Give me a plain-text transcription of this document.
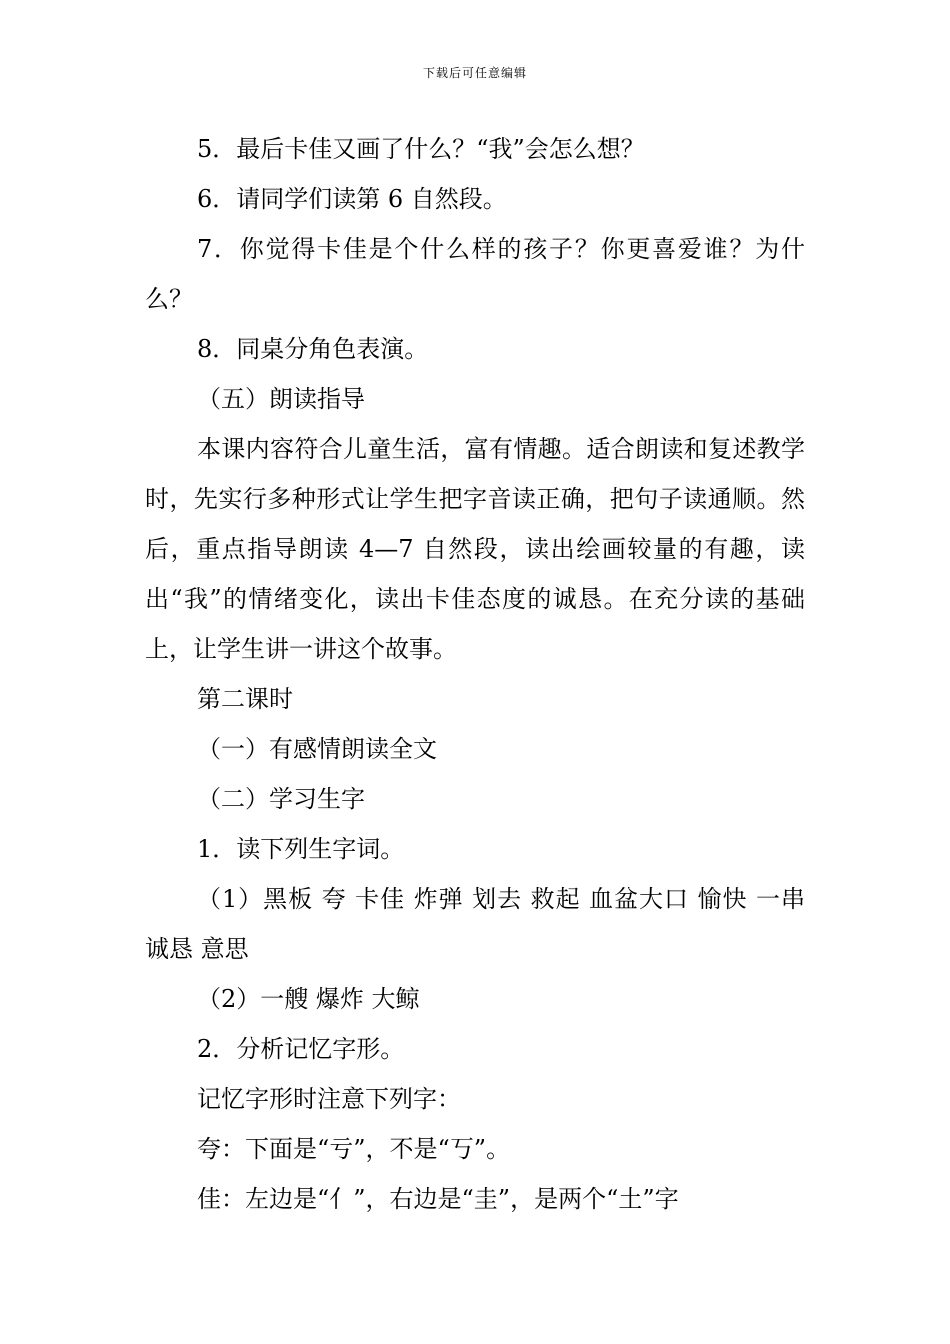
下载后可任意编辑

5．最后卡佳又画了什么？“我”会怎么想？

6．请同学们读第 6 自然段。

7．你觉得卡佳是个什么样的孩子？你更喜爱谁？为什么？

8．同桌分角色表演。

（五）朗读指导

本课内容符合儿童生活，富有情趣。适合朗读和复述教学时，先实行多种形式让学生把字音读正确，把句子读通顺。然后，重点指导朗读 4—7 自然段，读出绘画较量的有趣，读出“我”的情绪变化，读出卡佳态度的诚恳。在充分读的基础上，让学生讲一讲这个故事。

第二课时

（一）有感情朗读全文

（二）学习生字

1．读下列生字词。

（1）黑板 夸 卡佳 炸弹 划去 救起 血盆大口 愉快 一串 诚恳 意思

（2）一艘 爆炸 大鲸

2．分析记忆字形。

记忆字形时注意下列字：

夸：下面是“亏”，不是“丂”。

佳：左边是“亻”，右边是“圭”，是两个“土”字
